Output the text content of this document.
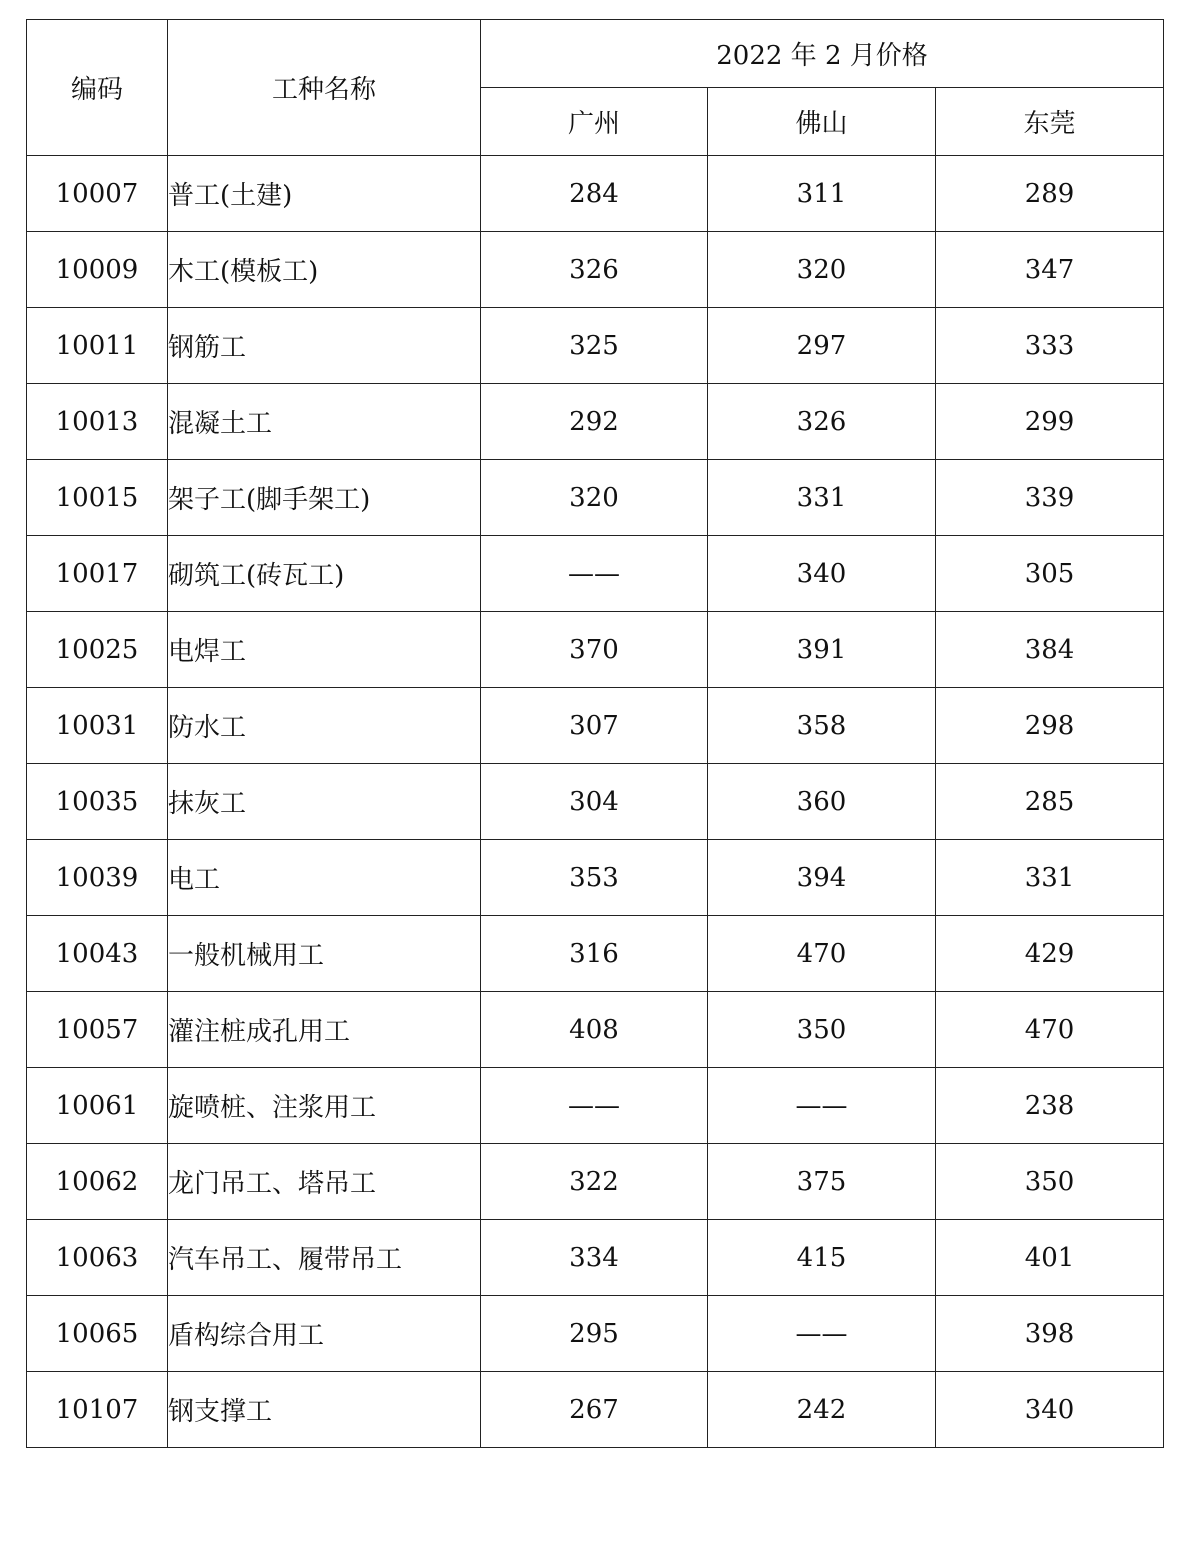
编码	工种名称	2022 年 2 月价格		
		广州	佛山	东莞
10007	普工(土建)	284	311	289
10009	木工(模板工)	326	320	347
10011	钢筋工	325	297	333
10013	混凝土工	292	326	299
10015	架子工(脚手架工)	320	331	339
10017	砌筑工(砖瓦工)	——	340	305
10025	电焊工	370	391	384
10031	防水工	307	358	298
10035	抹灰工	304	360	285
10039	电工	353	394	331
10043	一般机械用工	316	470	429
10057	灌注桩成孔用工	408	350	470
10061	旋喷桩、注浆用工	——	——	238
10062	龙门吊工、塔吊工	322	375	350
10063	汽车吊工、履带吊工	334	415	401
10065	盾构综合用工	295	——	398
10107	钢支撑工	267	242	340
